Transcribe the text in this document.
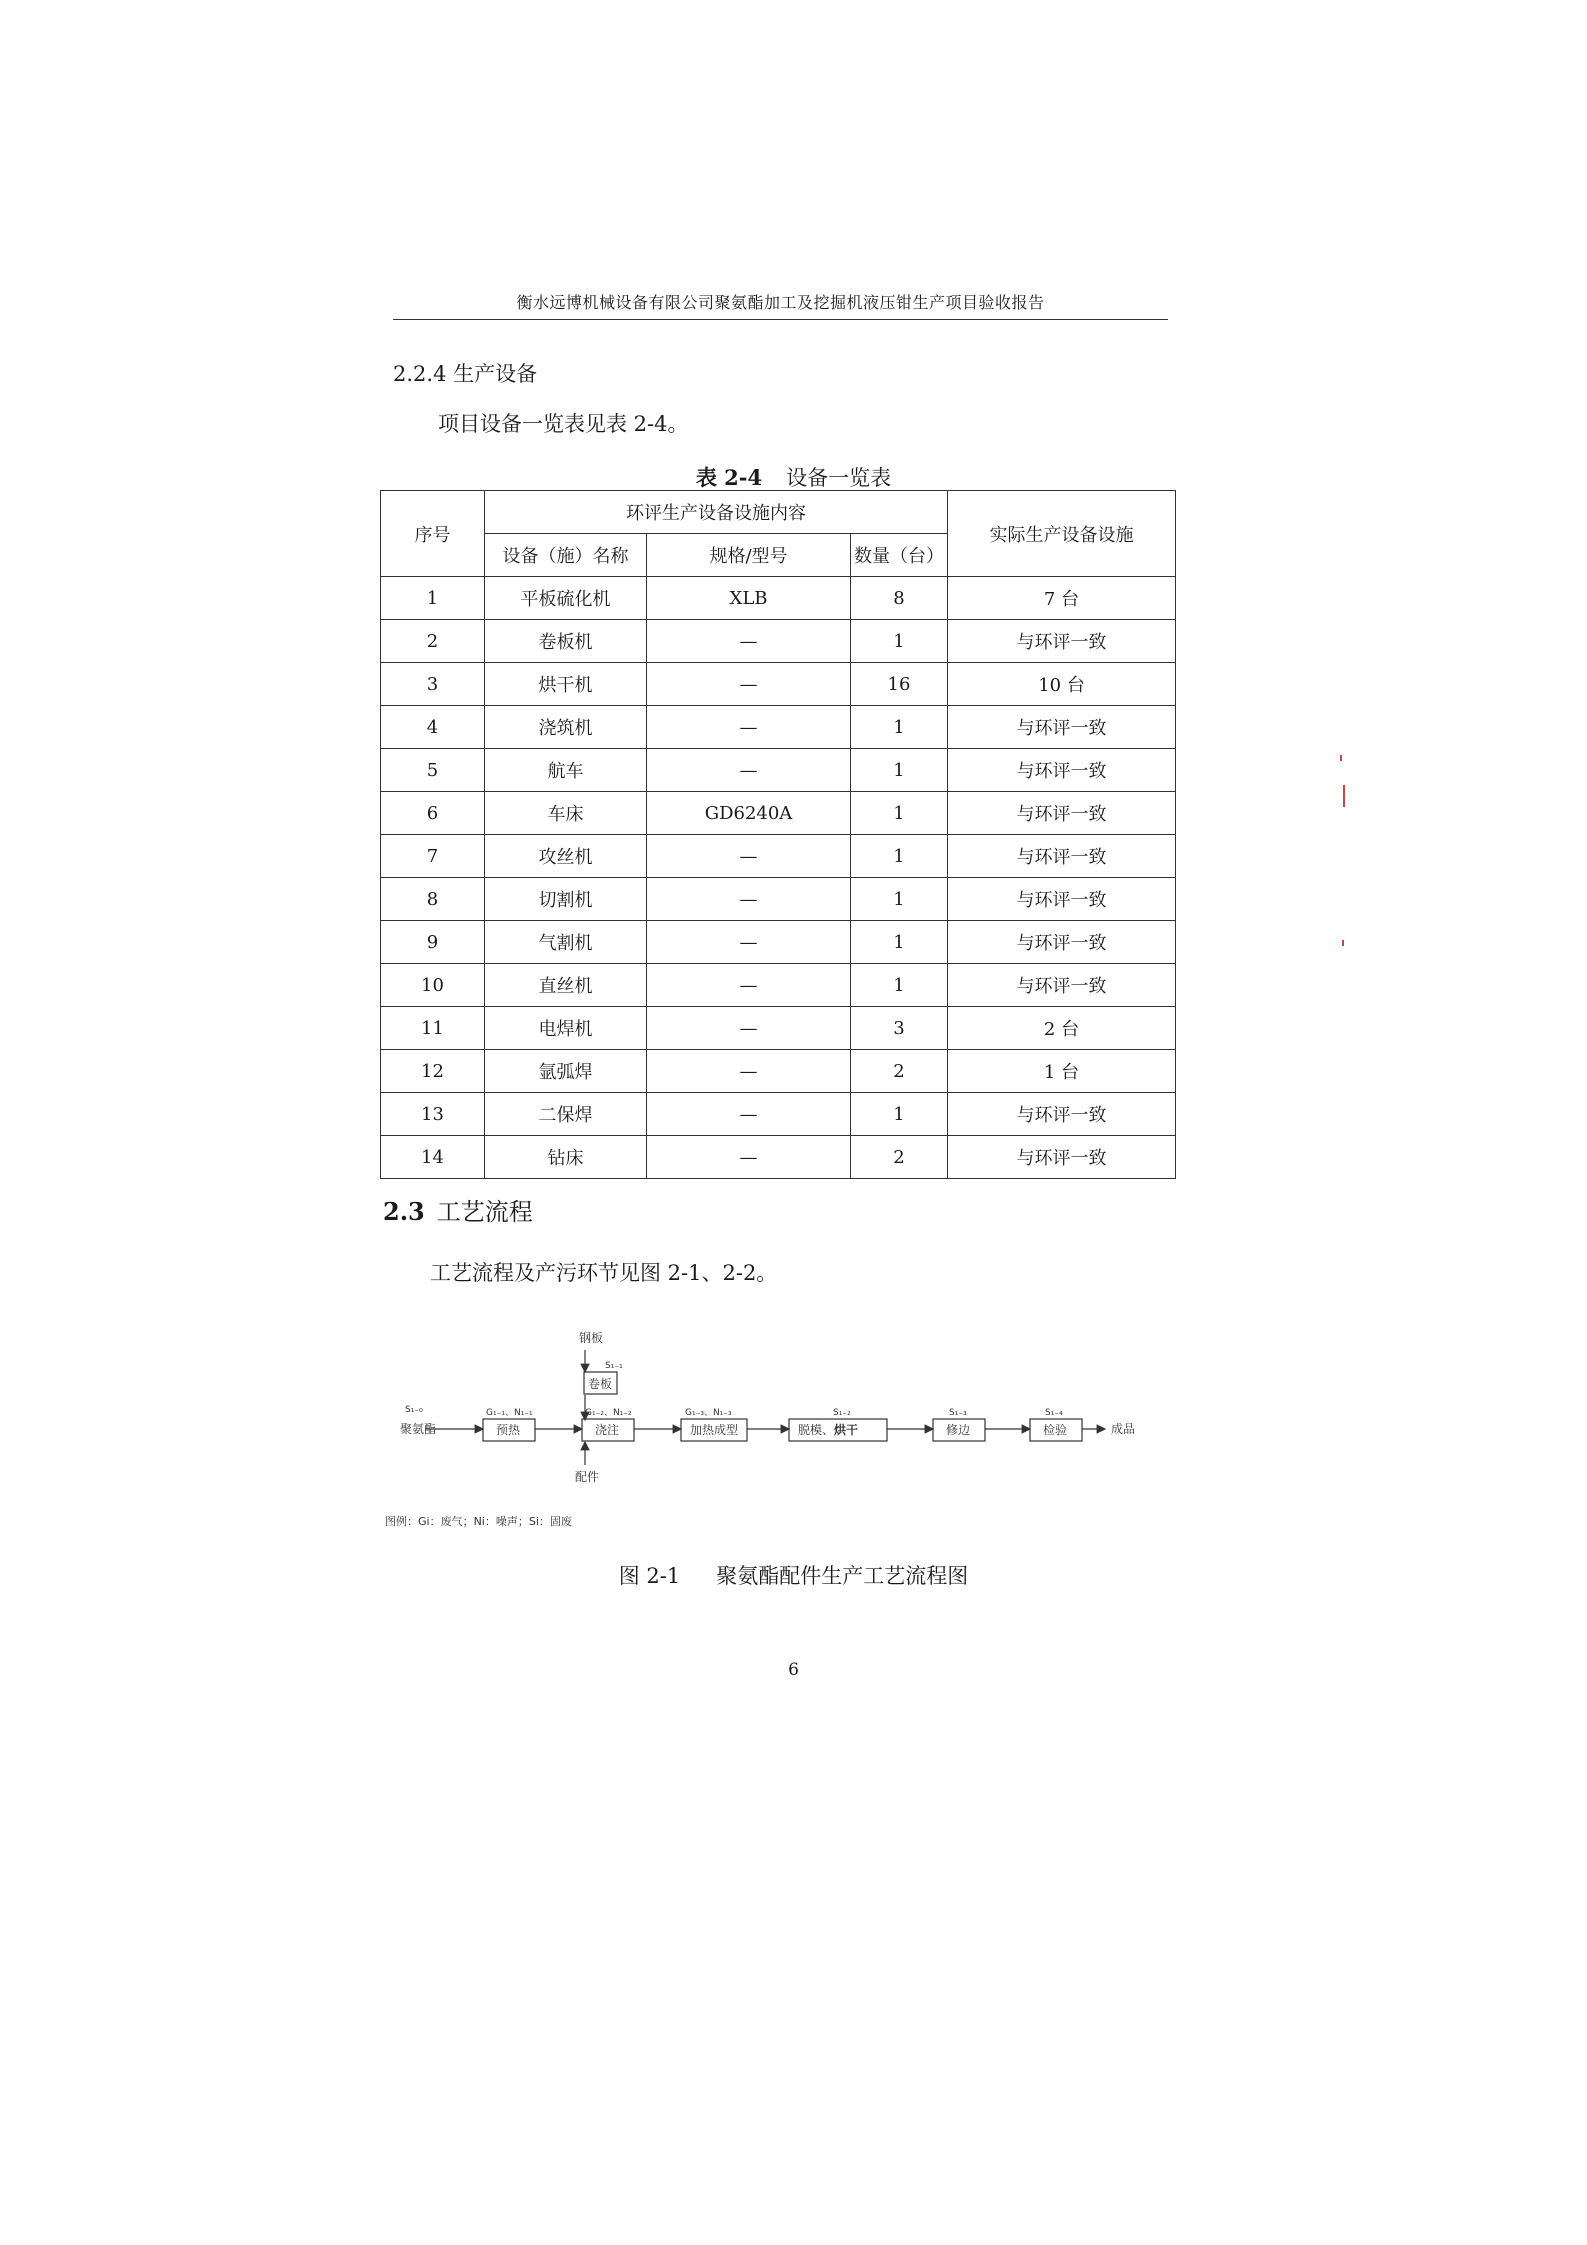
衡水远博机械设备有限公司聚氨酯加工及挖掘机液压钳生产项目验收报告
2.2.4 生产设备
项目设备一览表见表 2-4。
表 2-4 设备一览表
序号	环评生产设备设施内容			实际生产设备设施
	设备（施）名称	规格/型号	数量（台）	
1	平板硫化机	XLB	8	7 台
2	卷板机	—	1	与环评一致
3	烘干机	—	16	10 台
4	浇筑机	—	1	与环评一致
5	航车	—	1	与环评一致
6	车床	GD6240A	1	与环评一致
7	攻丝机	—	1	与环评一致
8	切割机	—	1	与环评一致
9	气割机	—	1	与环评一致
10	直丝机	—	1	与环评一致
11	电焊机	—	3	2 台
12	氩弧焊	—	2	1 台
13	二保焊	—	1	与环评一致
14	钻床	—	2	与环评一致
2.3 工艺流程
工艺流程及产污环节见图 2-1、2-2。
钢板
S₁₋₁
卷板
S₁₋₀
聚氨酯
G₁₋₁、N₁₋₁
预热
G₁₋₂、N₁₋₂
浇注
G₁₋₃、N₁₋₃
加热成型
S₁₋₂
脱模、烘干
S₁₋₃
修边
S₁₋₄
检验	成品
配件
图例：Gi：废气；Ni：噪声；Si：固废
图 2-1 聚氨酯配件生产工艺流程图
6
